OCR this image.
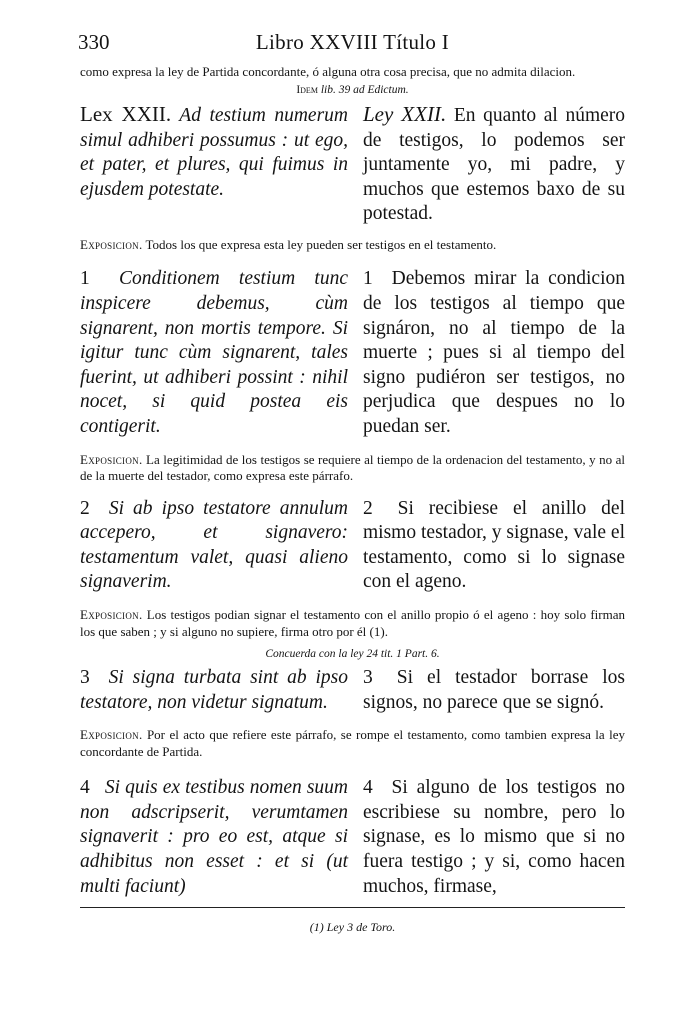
330	Libro XXVIII Título I
como expresa la ley de Partida concordante, ó alguna otra cosa precisa, que no admita dilacion.
Idem lib. 39 ad Edictum.
Lex XXII. Ad testium numerum simul adhiberi possumus : ut ego, et pater, et plures, qui fuimus in ejusdem potestate.
Ley XXII. En quanto al número de testigos, lo podemos ser juntamente yo, mi padre, y muchos que estemos baxo de su potestad.
Exposicion. Todos los que expresa esta ley pueden ser testigos en el testamento.
1 Conditionem testium tunc inspicere debemus, cùm signarent, non mortis tempore. Si igitur tunc cùm signarent, tales fuerint, ut adhiberi possint : nihil nocet, si quid postea eis contigerit.
1 Debemos mirar la condicion de los testigos al tiempo que signáron, no al tiempo de la muerte ; pues si al tiempo del signo pudiéron ser testigos, no perjudica que despues no lo puedan ser.
Exposicion. La legitimidad de los testigos se requiere al tiempo de la ordenacion del testamento, y no al de la muerte del testador, como expresa este párrafo.
2 Si ab ipso testatore annulum accepero, et signavero: testamentum valet, quasi alieno signaverim.
2 Si recibiese el anillo del mismo testador, y signase, vale el testamento, como si lo signase con el ageno.
Exposicion. Los testigos podian signar el testamento con el anillo propio ó el ageno : hoy solo firman los que saben ; y si alguno no supiere, firma otro por él (1).
Concuerda con la ley 24 tit. 1 Part. 6.
3 Si signa turbata sint ab ipso testatore, non videtur signatum.
3 Si el testador borrase los signos, no parece que se signó.
Exposicion. Por el acto que refiere este párrafo, se rompe el testamento, como tambien expresa la ley concordante de Partida.
4 Si quis ex testibus nomen suum non adscripserit, verumtamen signaverit : pro eo est, atque si adhibitus non esset : et si (ut multi faciunt)
4 Si alguno de los testigos no escribiese su nombre, pero lo signase, es lo mismo que si no fuera testigo ; y si, como hacen muchos, firmase,
(1) Ley 3 de Toro.
